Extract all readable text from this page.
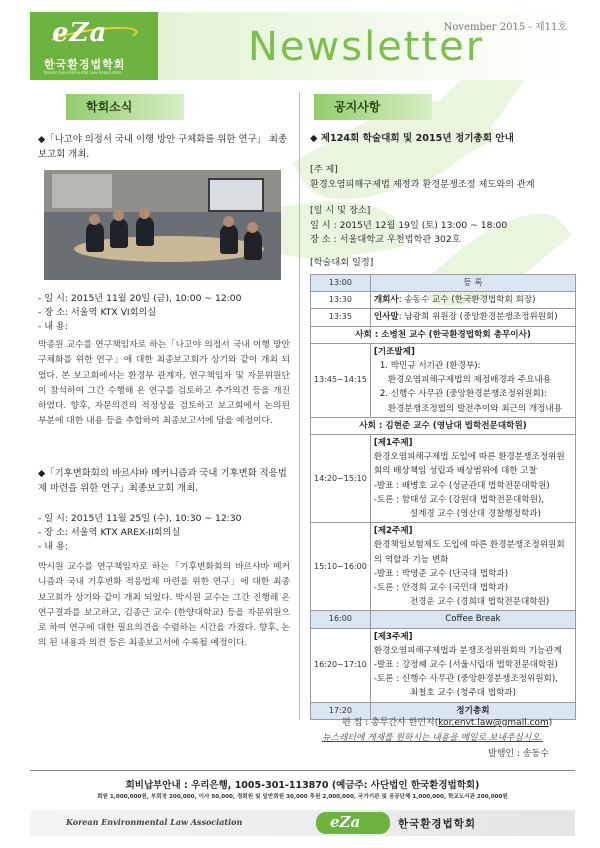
eZa
한국환경법학회
Korean Environmental Law Association
Newsletter
November 2015 - 제11호
학회소식	공지사항
◆「나고야 의정서 국내 이행 방안 구체화를 위한 연구」 최종보고회 개최.
- 일 시: 2015년 11월 20일 (금), 10:00 ~ 12:00
- 장 소: 서울역 KTX VI회의실
- 내 용:
박종원 교수를 연구책임자로 하는「나고야 의정서 국내 이행 방안 구체화를 위한 연구」에 대한 최종보고회가 상기와 같이 개최 되었다. 본 보고회에서는 환경부 관계자, 연구책임자 및 자문위원단이 참석하여 그간 수행해 온 연구를 검토하고 추가의견 등을 개진하였다. 향후, 자문의견의 적정성을 검토하고 보고회에서 논의된 부분에 대한 내용 등을 추합하여 최종보고서에 담을 예정이다.
◆「기후변화회의 바르샤바 메커니즘과 국내 기후변화 적응법제 마련을 위한 연구」최종보고회 개최.
- 일 시: 2015년 11월 25일 (수), 10:30 ~ 12:30
- 장 소: 서울역 KTX AREX-II회의실
- 내 용:
박시원 교수를 연구책임자로 하는「기후변화회의 바르샤바 메커니즘과 국내 기후변화 적응법제 마련을 위한 연구」에 대한 최종보고회가 상기와 같이 개최 되었다. 박시원 교수는 그간 진행해 온 연구결과를 보고하고, 김종근 교수 (한양대학교) 등을 자문위원으로 하여 연구에 대한 필요의견을 수렴하는 시간을 가졌다. 향후, 논의 된 내용과 의견 등은 최종보고서에 수록될 예정이다.
◆ 제124회 학술대회 및 2015년 정기총회 안내
[주 제]
환경오염피해구제법 제정과 환경분쟁조정 제도와의 관계
[일 시 및 장소]
일 시 : 2015년 12월 19일 (토) 13:00 ~ 18:00
장 소 : 서울대학교 우천법학관 302호
[학술대회 일정]
13:00	등 록
13:30	개회사: 송동수 교수 (한국환경법학회 회장)
13:35	인사말: 남광희 위원장 (중앙환경분쟁조정위원회)
사회 : 소병천 교수 (한국환경법학회 총무이사)	
13:45~14:15	[기조발제]
1. 박민규 서기관 (환경부):
환경오염피해구제법의 제정배경과 주요내용
2. 신행수 사무관 (중앙환경분쟁조정위원회):
환경분쟁조정법의 발전추이와 최근의 개정내용

사회 : 김현준 교수 (영남대 법학전문대학원)	
14:20~15:10	[제1주제]
환경오염피해구제법 도입에 따른 환경분쟁조정위원회의 배상책임 성립과 배상범위에 대한 고찰
-발표 : 배병호 교수 (성균관대 법학전문대학원)
-토론 : 함태성 교수 (강원대 법학전문대학원),
설계경 교수 (영산대 경찰행정학과)

15:10~16:00	[제2주제]
환경책임보험제도 도입에 따른 환경분쟁조정위원회의 역할과 기능 변화
-발표 : 박영준 교수 (단국대 법학과)
-토론 : 안경희 교수 (국민대 법학과)
전경운 교수 (경희대 법학전문대학원)

16:00	Coffee Break
16:20~17:10	[제3주제]
환경오염피해구제법과 분쟁조정위원회의 기능관계
-발표 : 강정혜 교수 (서울시립대 법학전문대학원)
-토론 : 신행수 사무관 (중앙환경분쟁조정위원회),
최철호 교수 (청주대 법학과)

17:20	정기총회
편 집 : 총무간사 한민지(kor.envt.law@gmail.com)
뉴스레터에 게재를 원하시는 내용을 메일로 보내주십시오.
발행인 : 송동수
회비납부안내 : 우리은행, 1005-301-113870 (예금주: 사단법인 한국환경법학회)
회원 1,000,000원, 부회장 200,000, 이사 50,000, 정회원 및 일반회원 30,000 후원 2,000,000, 국가기관 및 공공단체 1,000,000, 학교도서관 200,000원
Korean Environmental Law Association	eZa	한국환경법학회
